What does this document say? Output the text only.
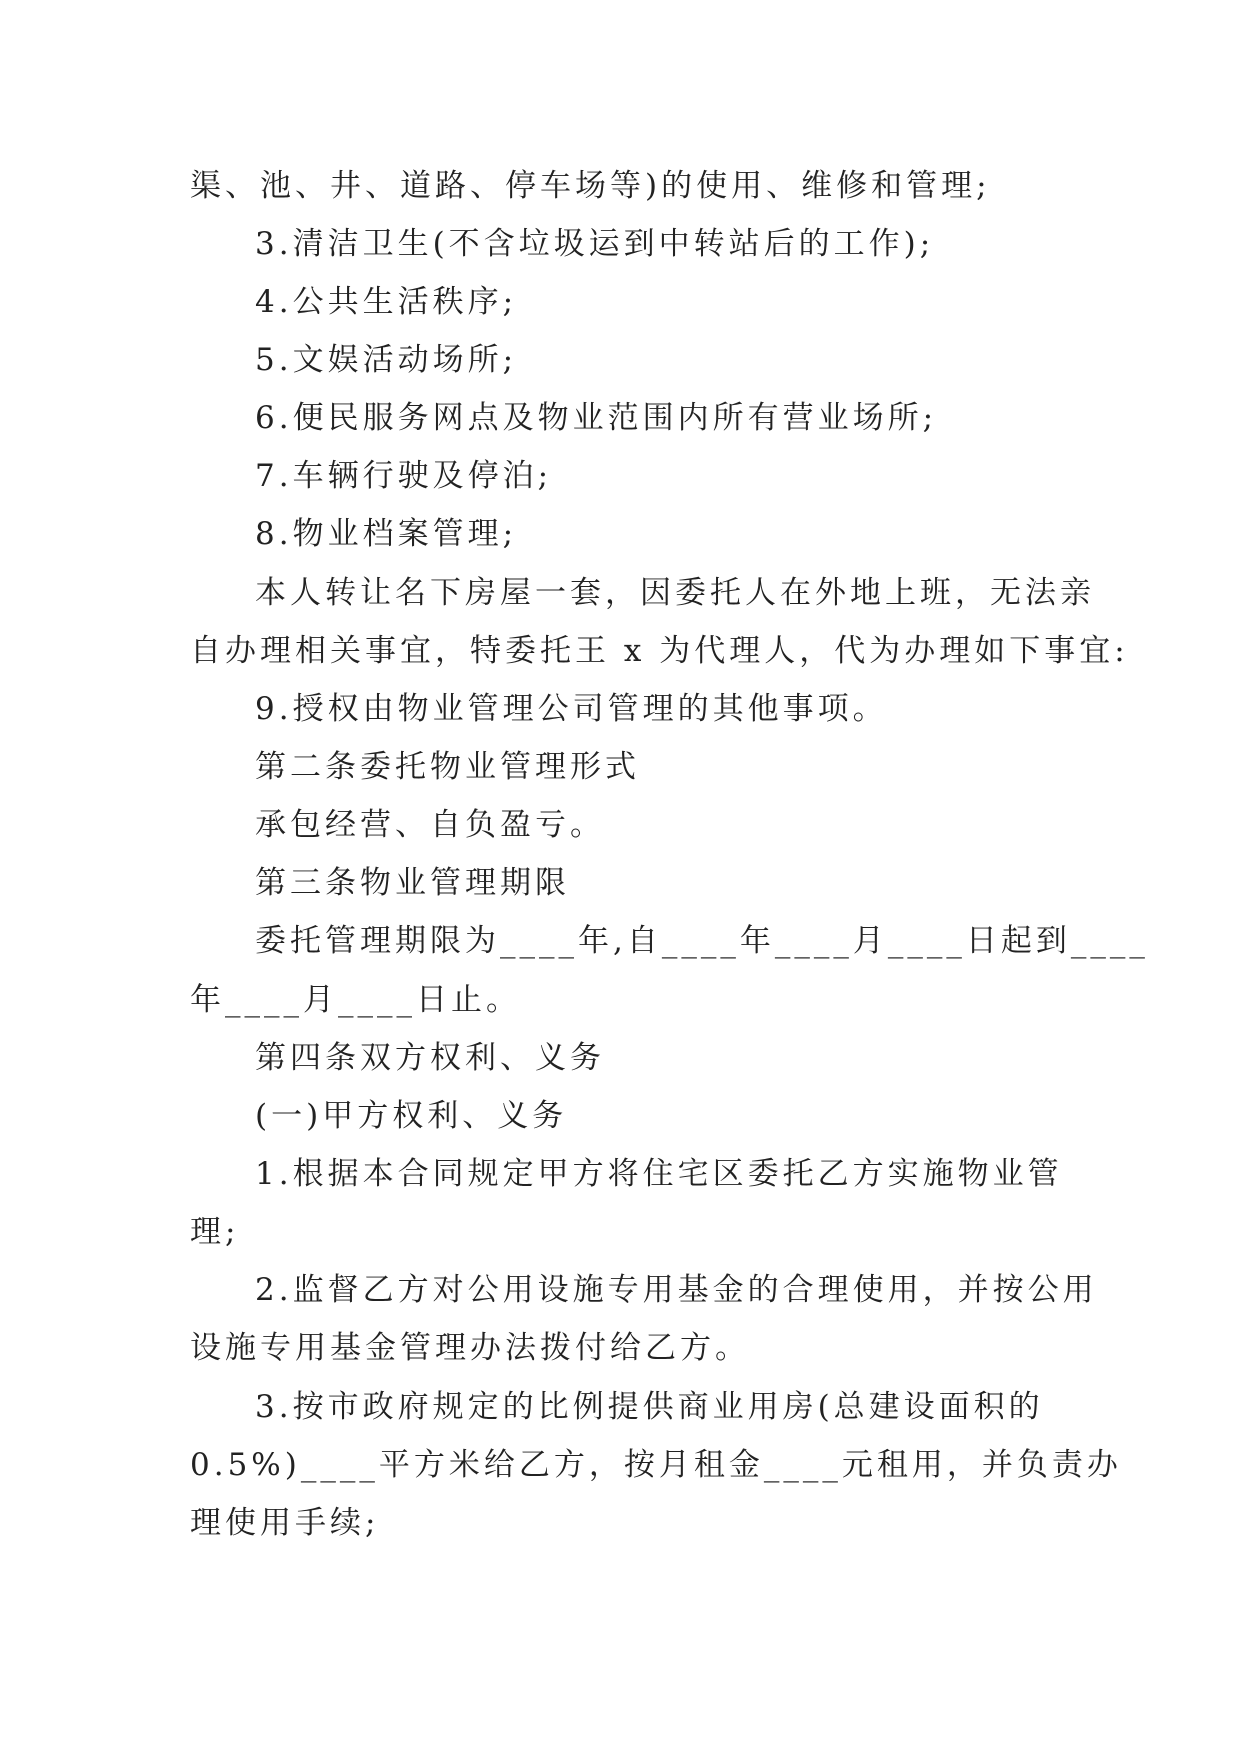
渠、池、井、道路、停车场等)的使用、维修和管理;
3.清洁卫生(不含垃圾运到中转站后的工作);
4.公共生活秩序;
5.文娱活动场所;
6.便民服务网点及物业范围内所有营业场所;
7.车辆行驶及停泊;
8.物业档案管理;
本人转让名下房屋一套，因委托人在外地上班，无法亲
自办理相关事宜，特委托王 x 为代理人，代为办理如下事宜:
9.授权由物业管理公司管理的其他事项。
第二条委托物业管理形式
承包经营、自负盈亏。
第三条物业管理期限
委托管理期限为____年,自____年____月____日起到____
年____月____日止。
第四条双方权利、义务
(一)甲方权利、义务
1.根据本合同规定甲方将住宅区委托乙方实施物业管
理;
2.监督乙方对公用设施专用基金的合理使用，并按公用
设施专用基金管理办法拨付给乙方。
3.按市政府规定的比例提供商业用房(总建设面积的
0.5%)____平方米给乙方，按月租金____元租用，并负责办
理使用手续;
